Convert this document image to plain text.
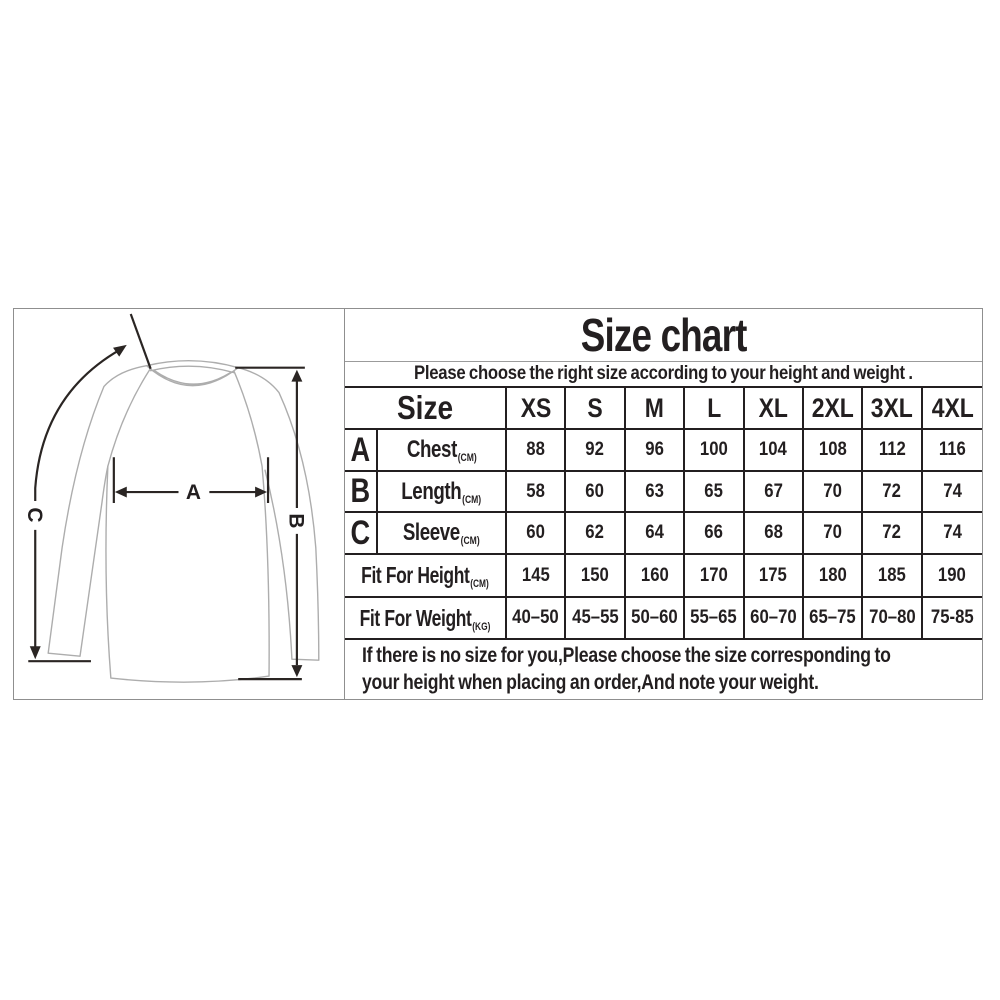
C
A
B
Size chart
Please choose the right size according to your height and weight .
Size XS S M L XL 2XL 3XL 4XL
A Chest(CM)	88 92 96 100 104 108 112 116
B Length(CM) 58 60 63 65 67 70 72 74
C Sleeve(CM) 60 62 64 66 68 70 72 74
Fit For Height(CM) 145 150 160 170 175 180 185 190
Fit For Weight(KG) 40–50 45–55 50–60 55–65 60–70 65–75 70–80 75-85
If there is no size for you,Please choose the size corresponding to
your height when placing an order,And note your weight.
